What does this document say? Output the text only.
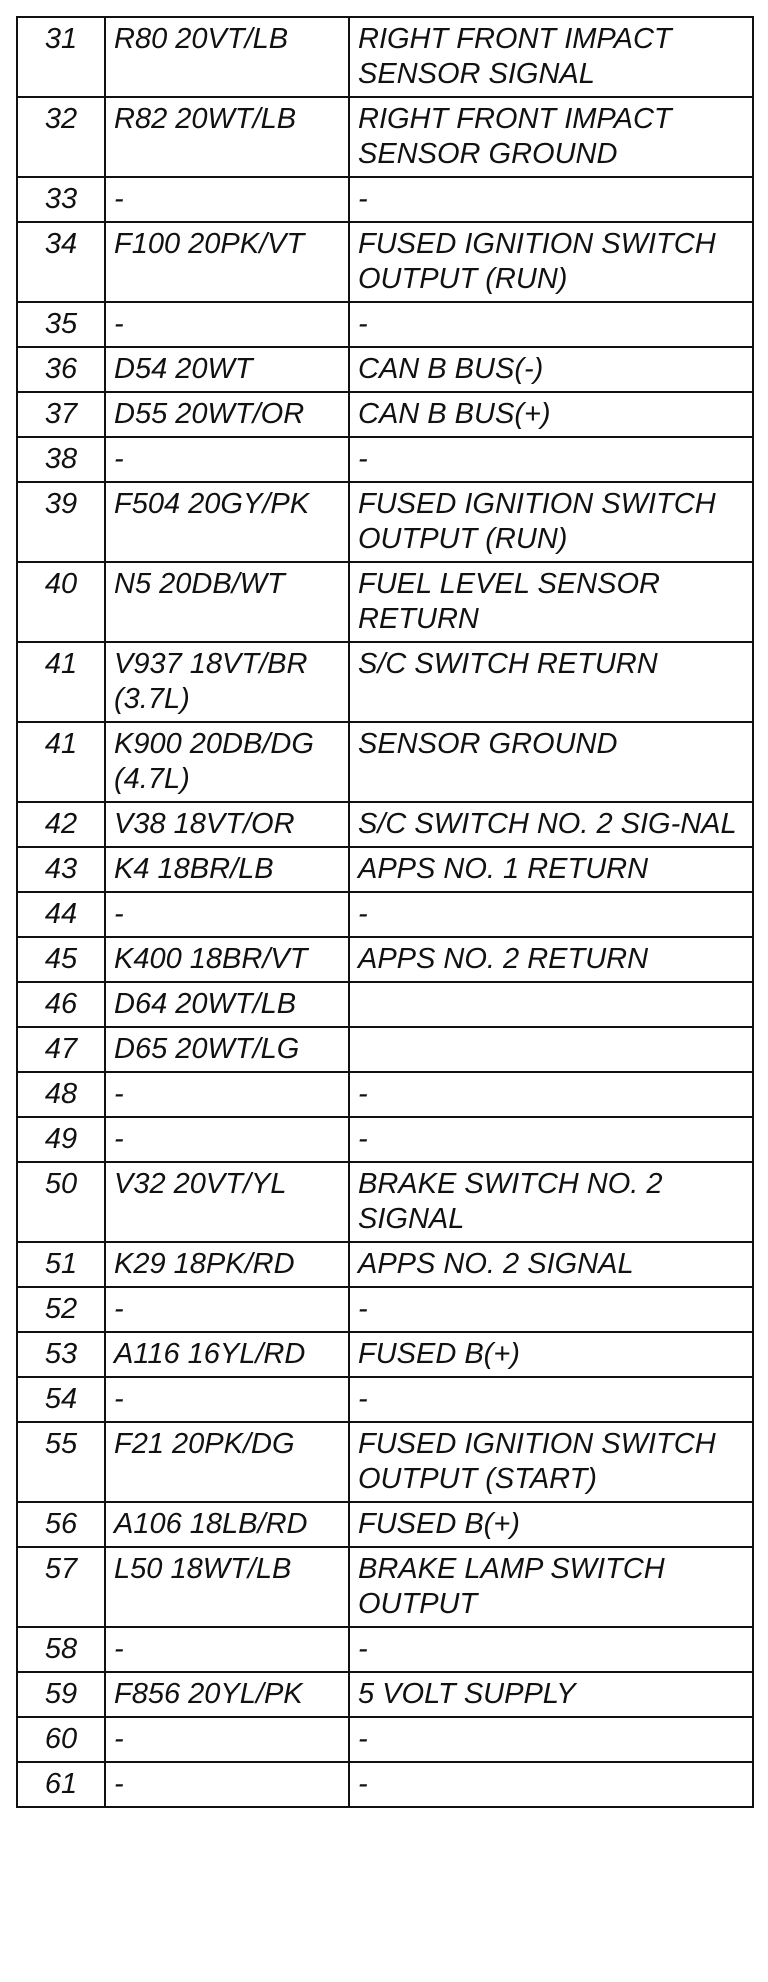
31	R80 20VT/LB	RIGHT FRONT IMPACT SENSOR SIGNAL
32	R82 20WT/LB	RIGHT FRONT IMPACT SENSOR GROUND
33	-	-
34	F100 20PK/VT	FUSED IGNITION SWITCH OUTPUT (RUN)
35	-	-
36	D54 20WT	CAN B BUS(-)
37	D55 20WT/OR	CAN B BUS(+)
38	-	-
39	F504 20GY/PK	FUSED IGNITION SWITCH OUTPUT (RUN)
40	N5 20DB/WT	FUEL LEVEL SENSOR RETURN
41	V937 18VT/BR (3.7L)	S/C SWITCH RETURN
41	K900 20DB/DG (4.7L)	SENSOR GROUND
42	V38 18VT/OR	S/C SWITCH NO. 2 SIG-NAL
43	K4 18BR/LB	APPS NO. 1 RETURN
44	-	-
45	K400 18BR/VT	APPS NO. 2 RETURN
46	D64 20WT/LB	
47	D65 20WT/LG	
48	-	-
49	-	-
50	V32 20VT/YL	BRAKE SWITCH NO. 2 SIGNAL
51	K29 18PK/RD	APPS NO. 2 SIGNAL
52	-	-
53	A116 16YL/RD	FUSED B(+)
54	-	-
55	F21 20PK/DG	FUSED IGNITION SWITCH OUTPUT (START)
56	A106 18LB/RD	FUSED B(+)
57	L50 18WT/LB	BRAKE LAMP SWITCH OUTPUT
58	-	-
59	F856 20YL/PK	5 VOLT SUPPLY
60	-	-
61	-	-
